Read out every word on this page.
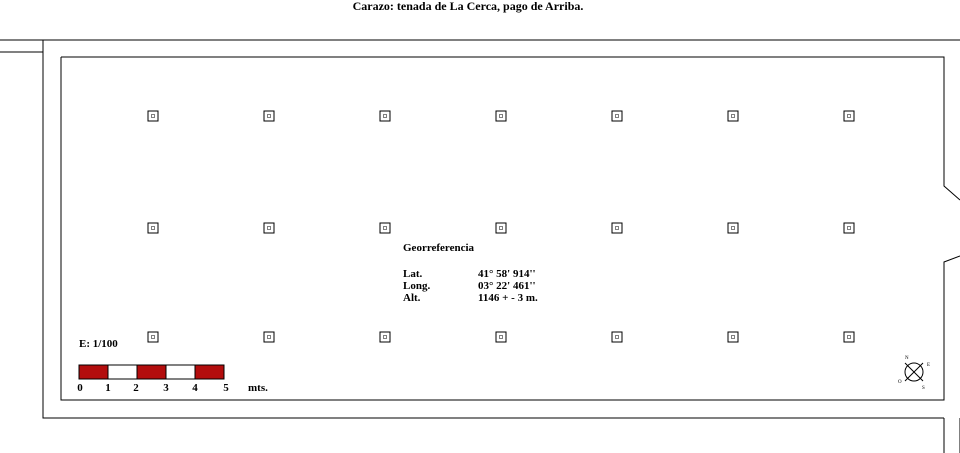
N
E
S
O
Carazo: tenada de La Cerca, pago de Arriba.
Georreferencia
Lat.	41° 58' 914''
Long.	03° 22' 461''
Alt.	1146 + - 3 m.
E: 1/100
0 1 2 3 4 5 mts.
